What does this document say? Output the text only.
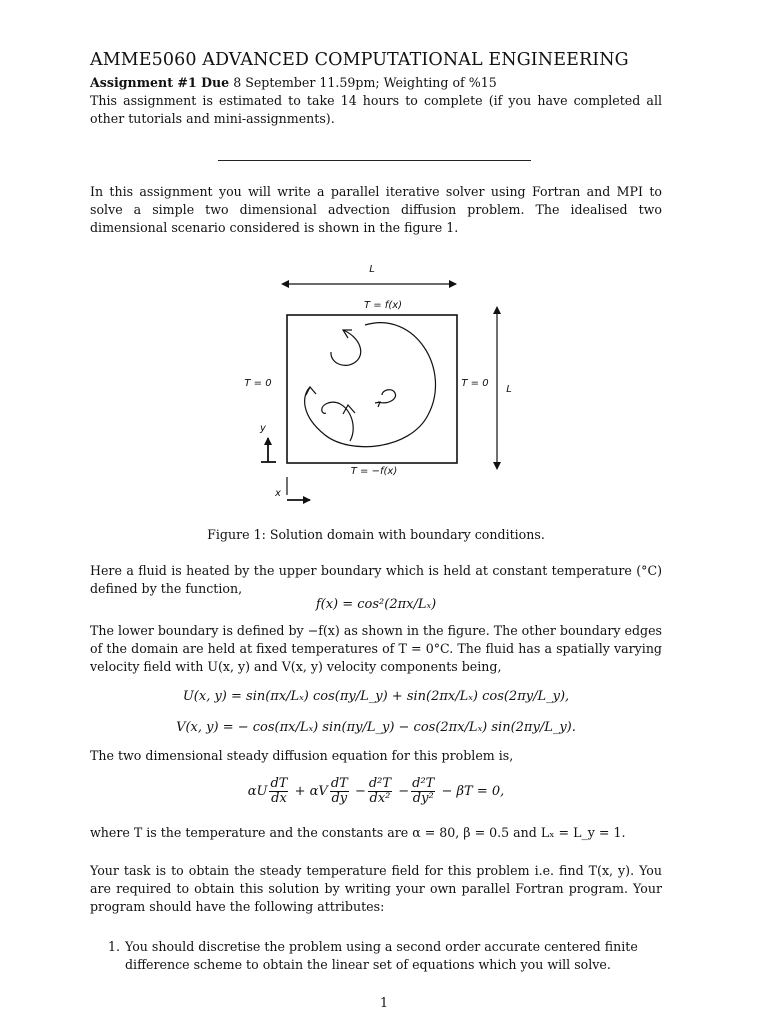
AMME5060 ADVANCED COMPUTATIONAL ENGINEERING
Assignment #1 Due 8 September 11.59pm; Weighting of %15
This assignment is estimated to take 14 hours to complete (if you have completed all other tutorials and mini-assignments).
In this assignment you will write a parallel iterative solver using Fortran and MPI to solve a simple two dimensional advection diffusion problem. The idealised two dimensional scenario considered is shown in the figure 1.
L
T = f(x)
T = 0	T = 0
T = −f(x)
L
y
x
Figure 1: Solution domain with boundary conditions.
Here a fluid is heated by the upper boundary which is held at constant temperature (°C) defined by the function,
f(x) = cos²(2πx/Lₓ)
The lower boundary is defined by −f(x) as shown in the figure. The other boundary edges of the domain are held at fixed temperatures of T = 0°C. The fluid has a spatially varying velocity field with U(x, y) and V(x, y) velocity components being,
U(x, y) = sin(πx/Lₓ) cos(πy/L_y) + sin(2πx/Lₓ) cos(2πy/L_y),
V(x, y) = − cos(πx/Lₓ) sin(πy/L_y) − cos(2πx/Lₓ) sin(2πy/L_y).
The two dimensional steady diffusion equation for this problem is,
αU $\frac{dT}{dx} + \alpha V \frac{dT}{dy} - \frac{\text{d²T}}{\text{dx²}} - \frac{\text{d²T}}{\text{dy²}} - \beta T = 0$,
where T is the temperature and the constants are α = 80, β = 0.5 and Lₓ = L_y = 1.
Your task is to obtain the steady temperature field for this problem i.e. find T(x, y). You are required to obtain this solution by writing your own parallel Fortran program. Your program should have the following attributes:
1. You should discretise the problem using a second order accurate centered finite difference scheme to obtain the linear set of equations which you will solve.
1
